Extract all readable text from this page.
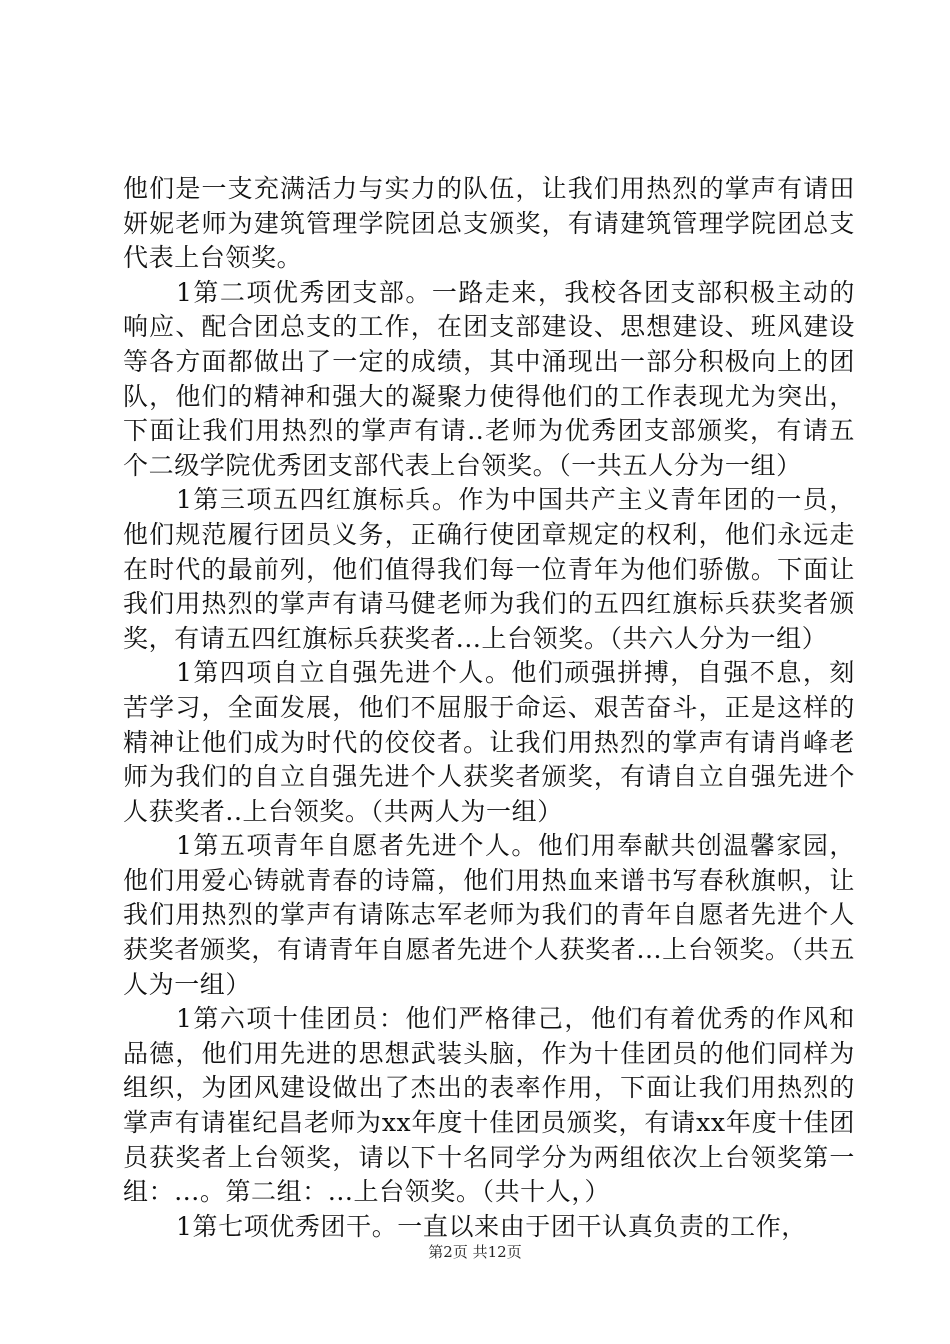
他们是一支充满活力与实力的队伍，让我们用热烈的掌声有请田妍妮老师为建筑管理学院团总支颁奖，有请建筑管理学院团总支代表上台领奖。

1第二项优秀团支部。一路走来，我校各团支部积极主动的响应、配合团总支的工作，在团支部建设、思想建设、班风建设等各方面都做出了一定的成绩，其中涌现出一部分积极向上的团队，他们的精神和强大的凝聚力使得他们的工作表现尤为突出，下面让我们用热烈的掌声有请..老师为优秀团支部颁奖，有请五个二级学院优秀团支部代表上台领奖。（一共五人分为一组）

1第三项五四红旗标兵。作为中国共产主义青年团的一员，他们规范履行团员义务，正确行使团章规定的权利，他们永远走在时代的最前列，他们值得我们每一位青年为他们骄傲。下面让我们用热烈的掌声有请马健老师为我们的五四红旗标兵获奖者颁奖，有请五四红旗标兵获奖者...上台领奖。（共六人分为一组）

1第四项自立自强先进个人。他们顽强拼搏，自强不息，刻苦学习，全面发展，他们不屈服于命运、艰苦奋斗，正是这样的精神让他们成为时代的佼佼者。让我们用热烈的掌声有请肖峰老师为我们的自立自强先进个人获奖者颁奖，有请自立自强先进个人获奖者..上台领奖。（共两人为一组）

1第五项青年自愿者先进个人。他们用奉献共创温馨家园，他们用爱心铸就青春的诗篇，他们用热血来谱书写春秋旗帜，让我们用热烈的掌声有请陈志军老师为我们的青年自愿者先进个人获奖者颁奖，有请青年自愿者先进个人获奖者...上台领奖。（共五人为一组）

1第六项十佳团员：他们严格律己，他们有着优秀的作风和品德，他们用先进的思想武装头脑，作为十佳团员的他们同样为组织，为团风建设做出了杰出的表率作用，下面让我们用热烈的掌声有请崔纪昌老师为xx年度十佳团员颁奖，有请xx年度十佳团员获奖者上台领奖，请以下十名同学分为两组依次上台领奖第一组：...。第二组：...上台领奖。（共十人，）

1第七项优秀团干。一直以来由于团干认真负责的工作，

第2页 共12页
